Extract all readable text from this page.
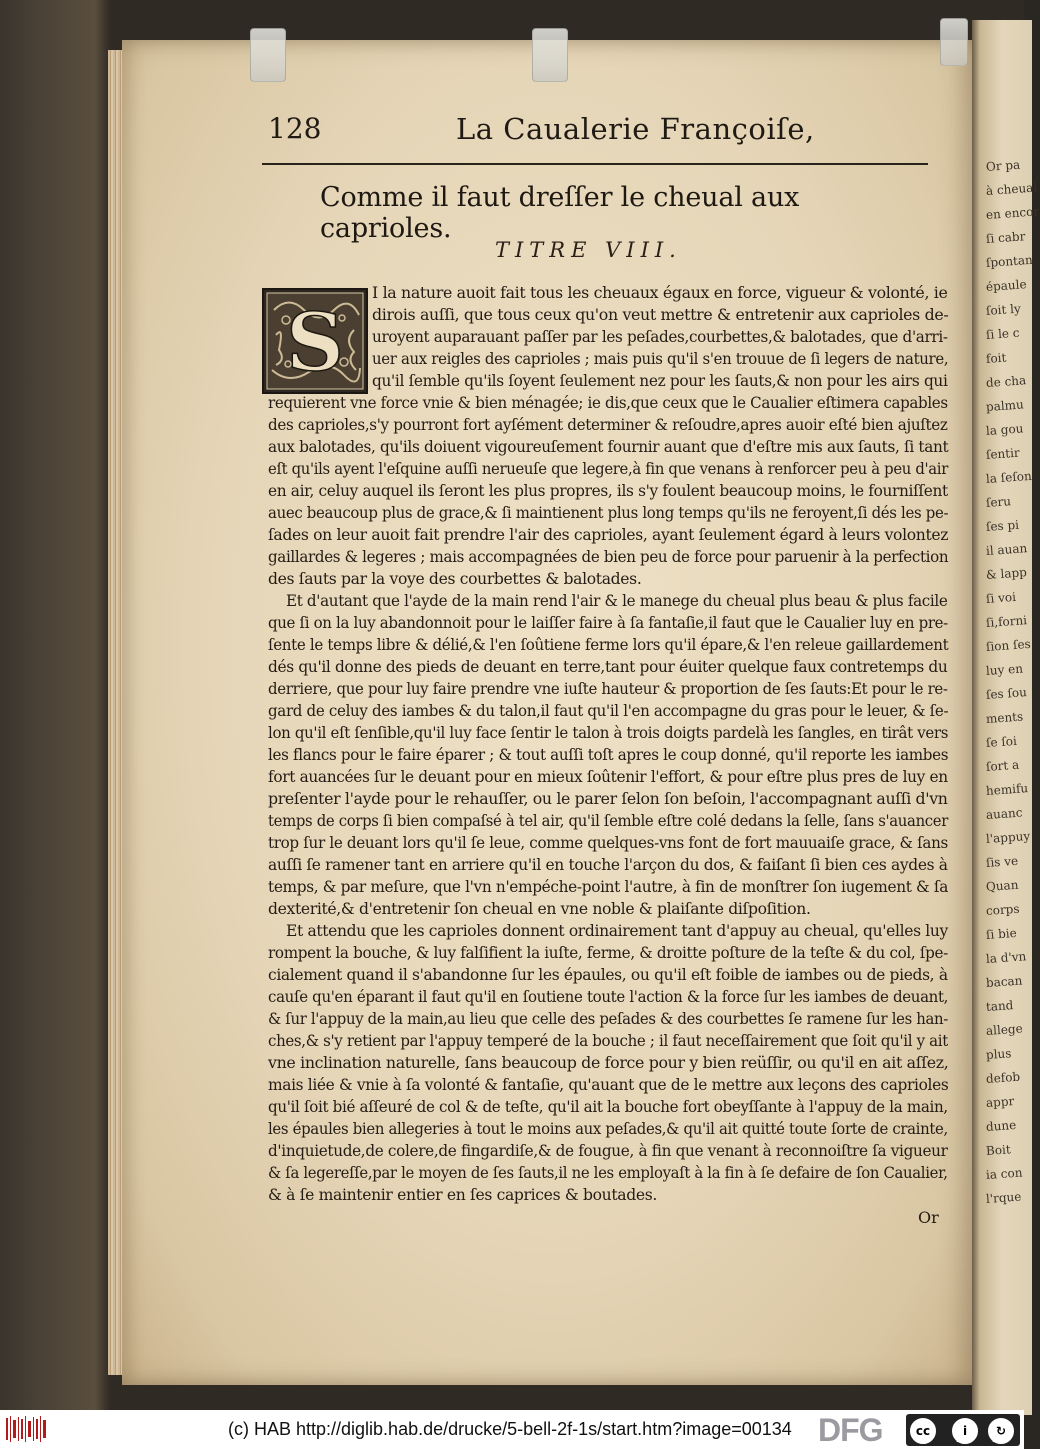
Or pa
à cheual
en encor
ſi cabr
ſpontan
épaule
ſoit ly
ſi le c
foit
de cha
palmu
la gou
ſentir
la ſeſon
ſeru
ſes pi
il auan
& lapp
ſi voi
ſi,forni
ſion ſes
luy en
ſes ſou
ments
ſe ſoi
ſort a
hemifu
auanc
l'appuy
ſis ve
Quan
corps
ſi bie
la d'vn
bacan
tand
allege
plus
defob
appr
dune
Boit
ia con
l'rque
128	La Caualerie Françoiſe,
Comme il faut dreſſer le cheual aux caprioles.
TITRE VIII.
S
I la nature auoit fait tous les cheuaux égaux en force, vigueur & volonté, ie
dirois auſſi, que tous ceux qu'on veut mettre & entretenir aux caprioles de-
uroyent auparauant paſſer par les peſades,courbettes,& balotades, que d'arri-
uer aux reigles des caprioles ; mais puis qu'il s'en trouue de ſi legers de nature,
qu'il ſemble qu'ils ſoyent ſeulement nez pour les ſauts,& non pour les airs qui
requierent vne force vnie & bien ménagée; ie dis,que ceux que le Caualier eſtimera capables
des caprioles,s'y pourront fort ayſément determiner & reſoudre,apres auoir eſté bien ajuſtez
aux balotades, qu'ils doiuent vigoureuſement fournir auant que d'eſtre mis aux ſauts, ſi tant
eſt qu'ils ayent l'eſquine auſſi nerueuſe que legere,à fin que venans à renforcer peu à peu d'air
en air, celuy auquel ils ſeront les plus propres, ils s'y foulent beaucoup moins, le fourniſſent
auec beaucoup plus de grace,& ſi maintienent plus long temps qu'ils ne feroyent,ſi dés les pe-
ſades on leur auoit fait prendre l'air des caprioles, ayant ſeulement égard à leurs volontez
gaillardes & legeres ; mais accompagnées de bien peu de force pour paruenir à la perfection
des ſauts par la voye des courbettes & balotades.
Et d'autant que l'ayde de la main rend l'air & le manege du cheual plus beau & plus facile
que ſi on la luy abandonnoit pour le laiſſer faire à ſa fantaſie,il faut que le Caualier luy en pre-
ſente le temps libre & délié,& l'en ſoûtiene ferme lors qu'il épare,& l'en releue gaillardement
dés qu'il donne des pieds de deuant en terre,tant pour éuiter quelque faux contretemps du
derriere, que pour luy faire prendre vne iuſte hauteur & proportion de ſes ſauts:Et pour le re-
gard de celuy des iambes & du talon,il faut qu'il l'en accompagne du gras pour le leuer, & ſe-
lon qu'il eſt ſenſible,qu'il luy face ſentir le talon à trois doigts pardelà les ſangles, en tirât vers
les flancs pour le faire éparer ; & tout auſſi toſt apres le coup donné, qu'il reporte les iambes
fort auancées ſur le deuant pour en mieux ſoûtenir l'effort, & pour eſtre plus pres de luy en
preſenter l'ayde pour le rehauſſer, ou le parer ſelon ſon beſoin, l'accompagnant auſſi d'vn
temps de corps ſi bien compaſsé à tel air, qu'il ſemble eſtre colé dedans la ſelle, ſans s'auancer
trop ſur le deuant lors qu'il ſe leue, comme quelques-vns font de fort mauuaiſe grace, & ſans
auſſi ſe ramener tant en arriere qu'il en touche l'arçon du dos, & faiſant ſi bien ces aydes à
temps, & par meſure, que l'vn n'empéche-point l'autre, à fin de monſtrer ſon iugement & ſa
dexterité,& d'entretenir ſon cheual en vne noble & plaiſante diſpoſition.
Et attendu que les caprioles donnent ordinairement tant d'appuy au cheual, qu'elles luy
rompent la bouche, & luy falſifient la iuſte, ferme, & droitte poſture de la teſte & du col, ſpe-
cialement quand il s'abandonne ſur les épaules, ou qu'il eſt foible de iambes ou de pieds, à
cauſe qu'en éparant il faut qu'il en ſoutiene toute l'action & la force ſur les iambes de deuant,
& ſur l'appuy de la main,au lieu que celle des peſades & des courbettes ſe ramene ſur les han-
ches,& s'y retient par l'appuy temperé de la bouche ; il faut neceſſairement que ſoit qu'il y ait
vne inclination naturelle, ſans beaucoup de force pour y bien reüſſir, ou qu'il en ait aſſez,
mais liée & vnie à ſa volonté & fantaſie, qu'auant que de le mettre aux leçons des caprioles
qu'il ſoit bié aſſeuré de col & de teſte, qu'il ait la bouche fort obeyſſante à l'appuy de la main,
les épaules bien allegeries à tout le moins aux peſades,& qu'il ait quitté toute ſorte de crainte,
d'inquietude,de colere,de fingardiſe,& de fougue, à fin que venant à reconnoiſtre ſa vigueur
& ſa legereſſe,par le moyen de ſes ſauts,il ne les employaſt à la fin à ſe defaire de ſon Caualier,
& à ſe maintenir entier en ſes caprices & boutades.
Or
(c) HAB http://diglib.hab.de/drucke/5-bell-2f-1s/start.htm?image=00134 DFG	cc	i	↻
BY	SA
